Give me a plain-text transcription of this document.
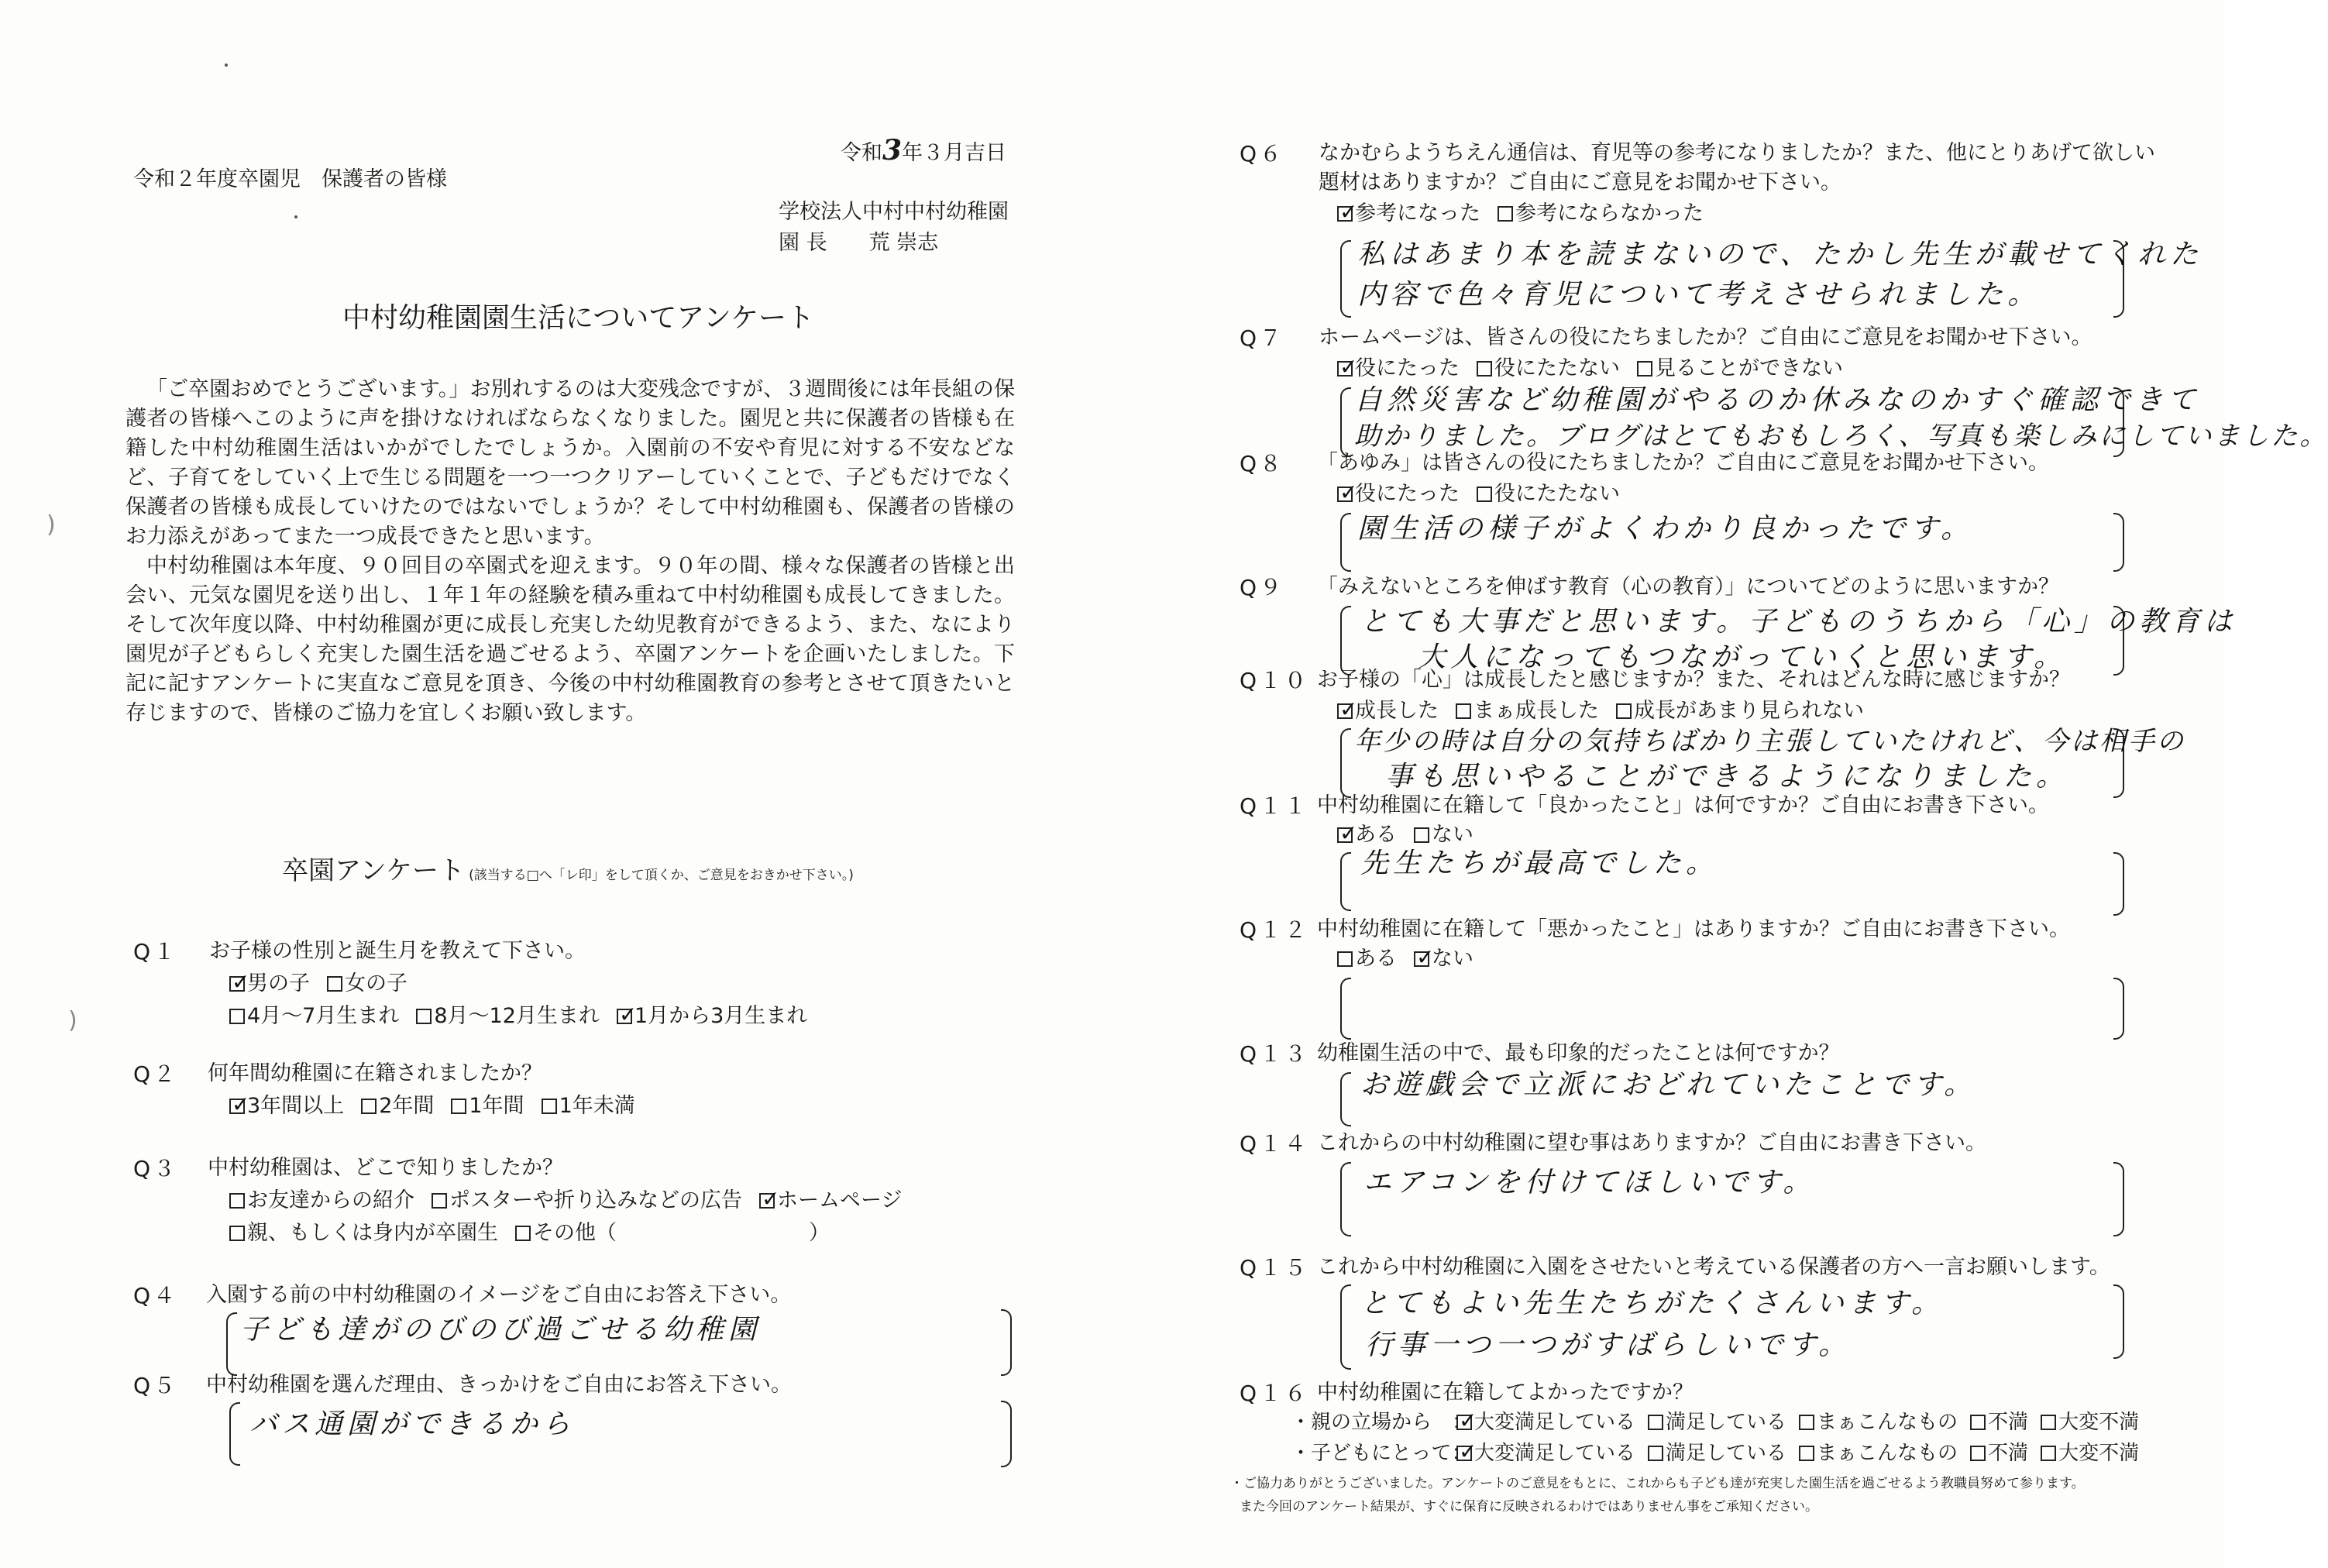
)
)
令和3年３月吉日
令和２年度卒園児　保護者の皆様
学校法人中村中村幼稚園
園 長　　荒 崇志
中村幼稚園園生活についてアンケート

「ご卒園おめでとうございます。」お別れするのは大変残念ですが、３週間後には年長組の保護者の皆様へこのように声を掛けなければならなくなりました。園児と共に保護者の皆様も在籍した中村幼稚園生活はいかがでしたでしょうか。入園前の不安や育児に対する不安などなど、子育てをしていく上で生じる問題を一つ一つクリアーしていくことで、子どもだけでなく保護者の皆様も成長していけたのではないでしょうか？そして中村幼稚園も、保護者の皆様のお力添えがあってまた一つ成長できたと思います。

中村幼稚園は本年度、９０回目の卒園式を迎えます。９０年の間、様々な保護者の皆様と出会い、元気な園児を送り出し、１年１年の経験を積み重ねて中村幼稚園も成長してきました。そして次年度以降、中村幼稚園が更に成長し充実した幼児教育ができるよう、また、なにより園児が子どもらしく充実した園生活を過ごせるよう、卒園アンケートを企画いたしました。下記に記すアンケートに実直なご意見を頂き、今後の中村幼稚園教育の参考とさせて頂きたいと存じますので、皆様のご協力を宜しくお願い致します。

卒園アンケート (該当する□へ「レ印」をして頂くか、ご意見をおきかせ下さい。)
Q１ お子様の性別と誕生月を教えて下さい。
✓
男の子 女の子
4月～7月生まれ 8月～12月生まれ ✓ 1月から3月生まれ
Q２ 何年間幼稚園に在籍されましたか？
✓
3年間以上 2年間 1年間 1年未満
Q３ 中村幼稚園は、どこで知りましたか？
お友達からの紹介 ポスターや折り込みなどの広告 ✓ ホームページ
親、もしくは身内が卒園生 その他（	）
Q４ 入園する前の中村幼稚園のイメージをご自由にお答え下さい。
子ども達がのびのび過ごせる幼稚園
Q５ 中村幼稚園を選んだ理由、きっかけをご自由にお答え下さい。
バス通園ができるから
Q６ なかむらようちえん通信は、育児等の参考になりましたか？また、他にとりあげて欲しい
題材はありますか？ご自由にご意見をお聞かせ下さい。
✓
参考になった 参考にならなかった
私はあまり本を読まないので、たかし先生が載せてくれた
内容で色々育児について考えさせられました。
Q７ ホームページは、皆さんの役にたちましたか？ご自由にご意見をお聞かせ下さい。
✓
役にたった 役にたたない 見ることができない
自然災害など幼稚園がやるのか休みなのかすぐ確認できて
助かりました。ブログはとてもおもしろく、写真も楽しみにしていました。
Q８ 「あゆみ」は皆さんの役にたちましたか？ご自由にご意見をお聞かせ下さい。
✓
役にたった 役にたたない
園生活の様子がよくわかり良かったです。
Q９ 「みえないところを伸ばす教育（心の教育）」についてどのように思いますか？
とても大事だと思います。子どものうちから「心」の教育は
大人になってもつながっていくと思います。
Q１０ お子様の「心」は成長したと感じますか？また、それはどんな時に感じますか？
✓
成長した まぁ成長した 成長があまり見られない
年少の時は自分の気持ちばかり主張していたけれど、今は相手の
事も思いやることができるようになりました。
Q１１ 中村幼稚園に在籍して「良かったこと」は何ですか？ご自由にお書き下さい。
✓
ある ない
先生たちが最高でした。
Q１２ 中村幼稚園に在籍して「悪かったこと」はありますか？ご自由にお書き下さい。
ある ✓ ない
Q１３ 幼稚園生活の中で、最も印象的だったことは何ですか？
お遊戯会で立派におどれていたことです。
Q１４ これからの中村幼稚園に望む事はありますか？ご自由にお書き下さい。
エアコンを付けてほしいです。
Q１５ これから中村幼稚園に入園をさせたいと考えている保護者の方へ一言お願いします。
とてもよい先生たちがたくさんいます。
行事一つ一つがすばらしいです。
Q１６ 中村幼稚園に在籍してよかったですか？
・親の立場から　： ✓ 大変満足している 満足している まぁこんなもの 不満 大変不満
・子どもにとって： ✓ 大変満足している 満足している まぁこんなもの 不満 大変不満
・ご協力ありがとうございました。アンケートのご意見をもとに、これからも子ども達が充実した園生活を過ごせるよう教職員努めて参ります。
また今回のアンケート結果が、すぐに保育に反映されるわけではありません事をご承知ください。
